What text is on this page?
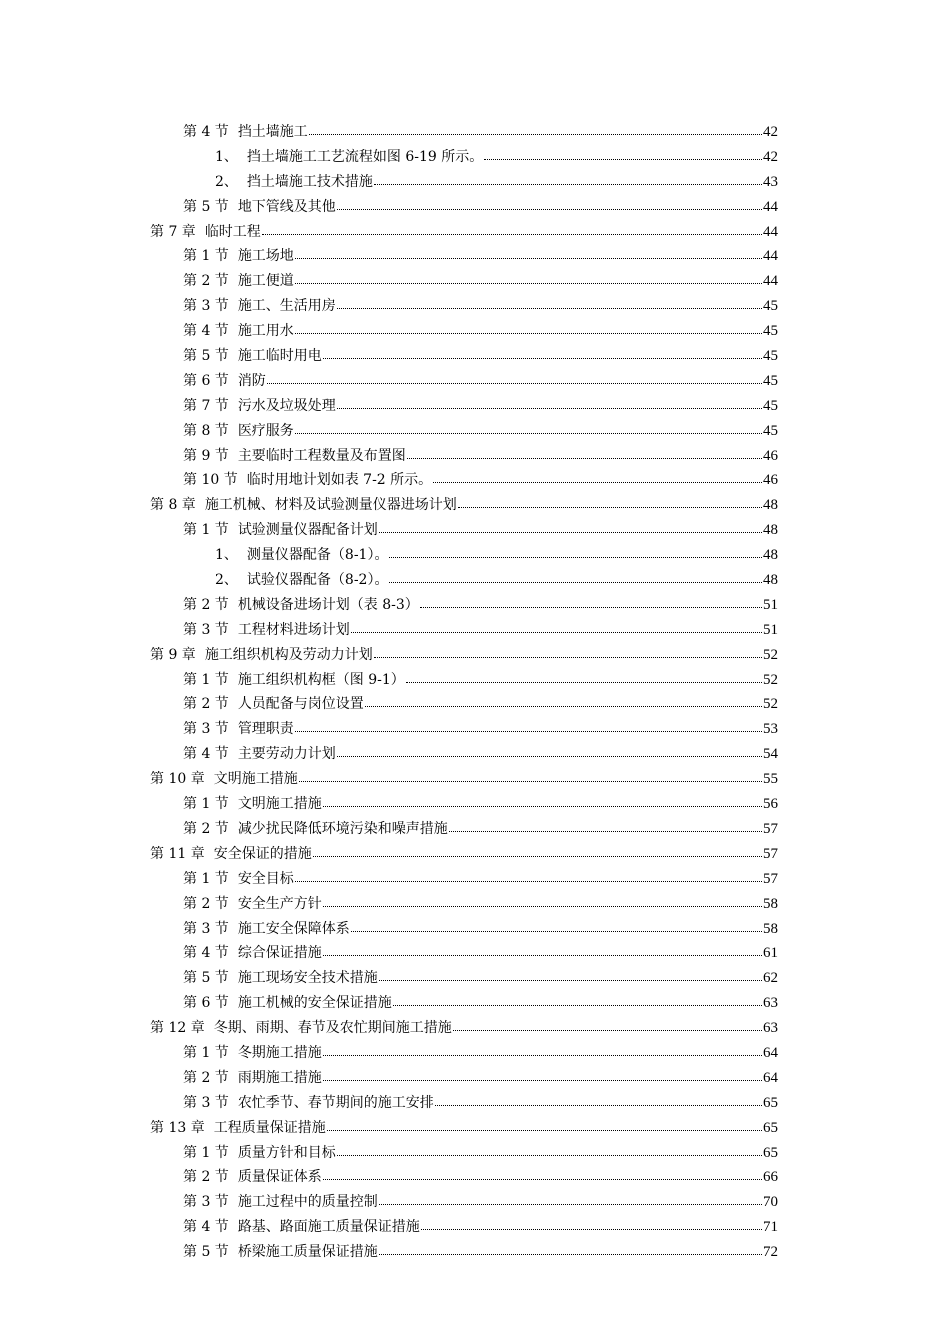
第 4 节 挡土墙施工	42
1、 挡土墙施工工艺流程如图 6-19 所示。	42
2、 挡土墙施工技术措施	43
第 5 节 地下管线及其他	44
第 7 章 临时工程	44
第 1 节 施工场地	44
第 2 节 施工便道	44
第 3 节 施工、生活用房	45
第 4 节 施工用水	45
第 5 节 施工临时用电	45
第 6 节 消防	45
第 7 节 污水及垃圾处理	45
第 8 节 医疗服务	45
第 9 节 主要临时工程数量及布置图	46
第 10 节 临时用地计划如表 7-2 所示。	46
第 8 章 施工机械、材料及试验测量仪器进场计划	48
第 1 节 试验测量仪器配备计划	48
1、 测量仪器配备（8-1）。	48
2、 试验仪器配备（8-2）。	48
第 2 节 机械设备进场计划（表 8-3）	51
第 3 节 工程材料进场计划	51
第 9 章 施工组织机构及劳动力计划	52
第 1 节 施工组织机构框（图 9-1）	52
第 2 节 人员配备与岗位设置	52
第 3 节 管理职责	53
第 4 节 主要劳动力计划	54
第 10 章 文明施工措施	55
第 1 节 文明施工措施	56
第 2 节 减少扰民降低环境污染和噪声措施	57
第 11 章 安全保证的措施	57
第 1 节 安全目标	57
第 2 节 安全生产方针	58
第 3 节 施工安全保障体系	58
第 4 节 综合保证措施	61
第 5 节 施工现场安全技术措施	62
第 6 节 施工机械的安全保证措施	63
第 12 章 冬期、雨期、春节及农忙期间施工措施	63
第 1 节 冬期施工措施	64
第 2 节 雨期施工措施	64
第 3 节 农忙季节、春节期间的施工安排	65
第 13 章 工程质量保证措施	65
第 1 节 质量方针和目标	65
第 2 节 质量保证体系	66
第 3 节 施工过程中的质量控制	70
第 4 节 路基、路面施工质量保证措施	71
第 5 节 桥梁施工质量保证措施	72
